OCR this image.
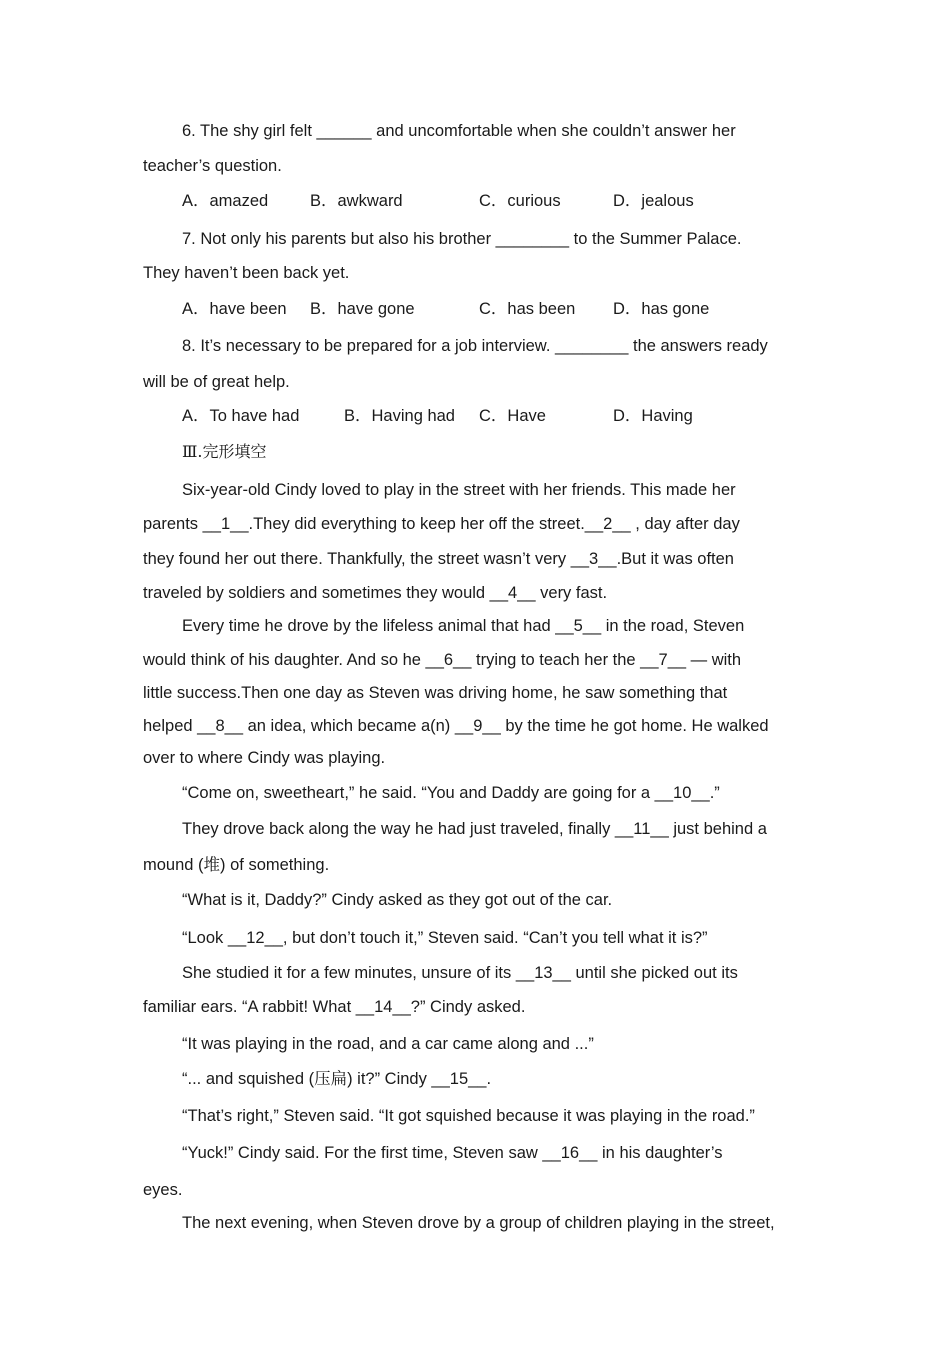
6. The shy girl felt ______ and uncomfortable when she couldn’t answer her
teacher’s question.
A．amazed	B．awkward	C．curious	D．jealous
7. Not only his parents but also his brother ________ to the Summer Palace.
They haven’t been back yet.
A．have been B．have gone	C．has been D．has gone
8. It’s necessary to be prepared for a job interview. ________ the answers ready
will be of great help.
A．To have had	B．Having had C．Have	D．Having
Ⅲ.完形填空
Six-year-old Cindy loved to play in the street with her friends. This made her
parents __1__.They did everything to keep her off the street.__2__ , day after day
they found her out there. Thankfully, the street wasn’t very __3__.But it was often
traveled by soldiers and sometimes they would __4__ very fast.
Every time he drove by the lifeless animal that had __5__ in the road, Steven
would think of his daughter. And so he __6__ trying to teach her the __7__ — with
little success.Then one day as Steven was driving home, he saw something that
helped __8__ an idea, which became a(n) __9__ by the time he got home. He walked
over to where Cindy was playing.
“Come on, sweetheart,” he said. “You and Daddy are going for a __10__.”
They drove back along the way he had just traveled, finally __11__ just behind a
mound (堆) of something.
“What is it, Daddy?” Cindy asked as they got out of the car.
“Look __12__, but don’t touch it,” Steven said. “Can’t you tell what it is?”
She studied it for a few minutes, unsure of its __13__ until she picked out its
familiar ears. “A rabbit! What __14__?” Cindy asked.
“It was playing in the road, and a car came along and ...”
“... and squished (压扁) it?” Cindy __15__.
“That’s right,” Steven said. “It got squished because it was playing in the road.”
“Yuck!” Cindy said. For the first time, Steven saw __16__ in his daughter’s
eyes.
The next evening, when Steven drove by a group of children playing in the street,
